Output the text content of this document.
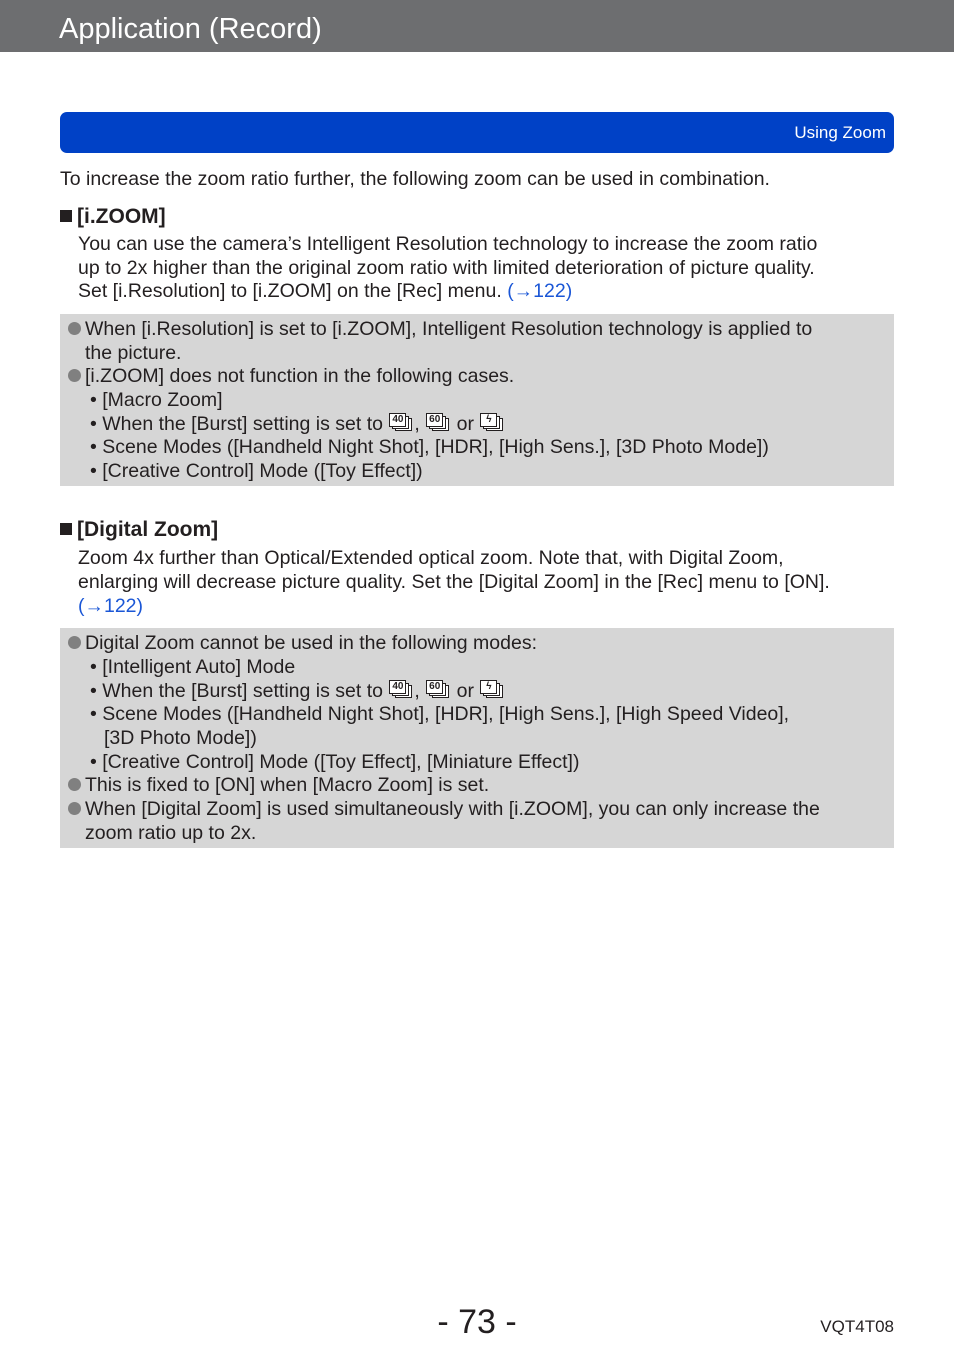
Application (Record)
Using Zoom
To increase the zoom ratio further, the following zoom can be used in combination.
[i.ZOOM]
You can use the camera’s Intelligent Resolution technology to increase the zoom ratio
up to 2x higher than the original zoom ratio with limited deterioration of picture quality.
Set [i.Resolution] to [i.ZOOM] on the [Rec] menu. (→122)
When [i.Resolution] is set to [i.ZOOM], Intelligent Resolution technology is applied to
the picture.
[i.ZOOM] does not function in the following cases.
• [Macro Zoom]
• When the [Burst] setting is set to 40 , 60 or ϟ
• Scene Modes ([Handheld Night Shot], [HDR], [High Sens.], [3D Photo Mode])
• [Creative Control] Mode ([Toy Effect])
[Digital Zoom]
Zoom 4x further than Optical/Extended optical zoom. Note that, with Digital Zoom,
enlarging will decrease picture quality. Set the [Digital Zoom] in the [Rec] menu to [ON].
(→122)
Digital Zoom cannot be used in the following modes:
• [Intelligent Auto] Mode
• When the [Burst] setting is set to 40 , 60 or ϟ
• Scene Modes ([Handheld Night Shot], [HDR], [High Sens.], [High Speed Video],
[3D Photo Mode])
• [Creative Control] Mode ([Toy Effect], [Miniature Effect])
This is fixed to [ON] when [Macro Zoom] is set.
When [Digital Zoom] is used simultaneously with [i.ZOOM], you can only increase the
zoom ratio up to 2x.
- 73 -	VQT4T08
